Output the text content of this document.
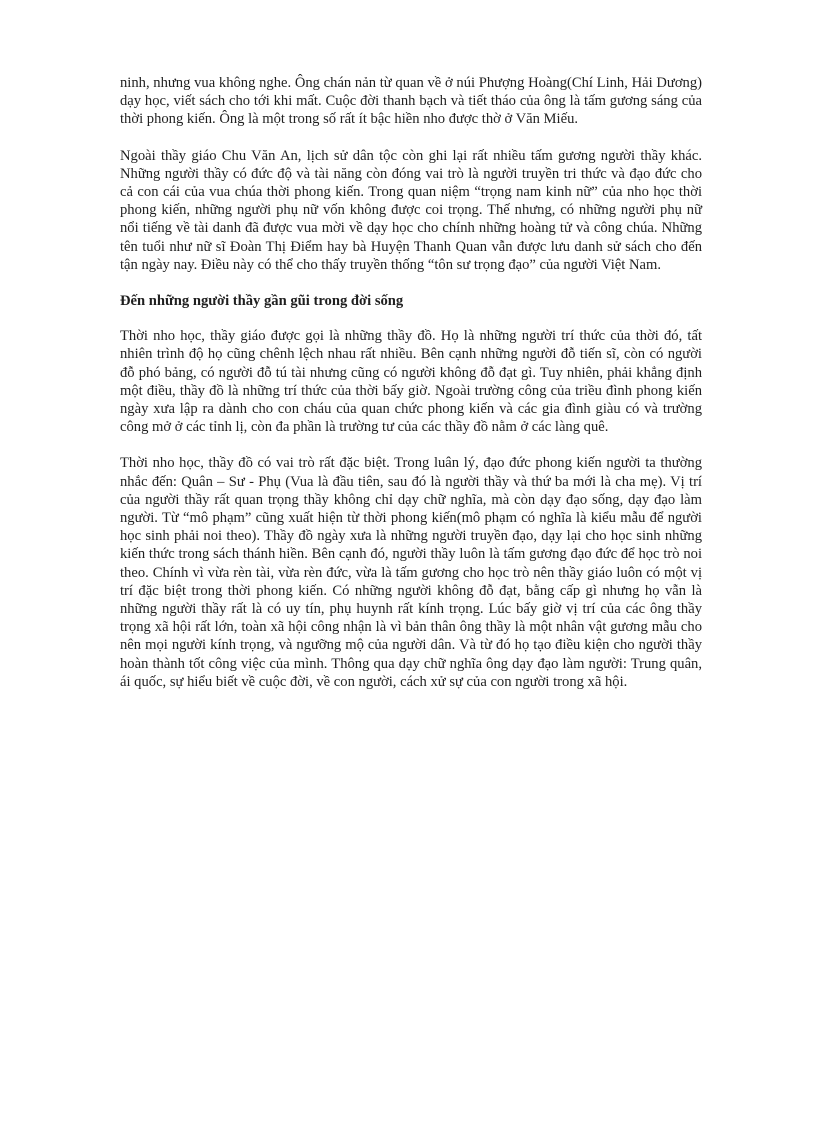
ninh, nhưng vua không nghe. Ông chán nản từ quan về ở núi Phượng Hoàng(Chí Linh, Hải Dương) dạy học, viết sách cho tới khi mất. Cuộc đời thanh bạch và tiết tháo của ông là tấm gương sáng của thời phong kiến. Ông là một trong số rất ít bậc hiền nho được thờ ở Văn Miếu.

Ngoài thầy giáo Chu Văn An, lịch sử dân tộc còn ghi lại rất nhiều tấm gương người thầy khác. Những người thầy có đức độ và tài năng còn đóng vai trò là người truyền tri thức và đạo đức cho cả con cái của vua chúa thời phong kiến. Trong quan niệm “trọng nam kinh nữ” của nho học thời phong kiến, những người phụ nữ vốn không được coi trọng. Thế nhưng, có những người phụ nữ nổi tiếng về tài danh đã được vua mời về dạy học cho chính những hoàng tử và công chúa. Những tên tuổi như nữ sĩ Đoàn Thị Điểm hay bà Huyện Thanh Quan vẫn được lưu danh sử sách cho đến tận ngày nay. Điều này có thể cho thấy truyền thống “tôn sư trọng đạo” của người Việt Nam.

Đến những người thầy gần gũi trong đời sống

Thời nho học, thầy giáo được gọi là những thầy đồ. Họ là những người trí thức của thời đó, tất nhiên trình độ họ cũng chênh lệch nhau rất nhiều. Bên cạnh những người đỗ tiến sĩ, còn có người đỗ phó bảng, có người đỗ tú tài nhưng cũng có người không đỗ đạt gì. Tuy nhiên, phải khẳng định một điều, thầy đồ là những trí thức của thời bấy giờ. Ngoài trường công của triều đình phong kiến ngày xưa lập ra dành cho con cháu của quan chức phong kiến và các gia đình giàu có và trường công mở ở các tỉnh lị, còn đa phần là trường tư của các thầy đồ nằm ở các làng quê.

Thời nho học, thầy đồ có vai trò rất đặc biệt. Trong luân lý, đạo đức phong kiến người ta thường nhắc đến: Quân – Sư - Phụ (Vua là đầu tiên, sau đó là người thầy và thứ ba mới là cha mẹ). Vị trí của người thầy rất quan trọng thầy không chỉ dạy chữ nghĩa, mà còn dạy đạo sống, dạy đạo làm người. Từ “mô phạm” cũng xuất hiện từ thời phong kiến(mô phạm có nghĩa là kiểu mẫu để người học sinh phải noi theo). Thầy đồ ngày xưa là những người truyền đạo, dạy lại cho học sinh những kiến thức trong sách thánh hiền. Bên cạnh đó, người thầy luôn là tấm gương đạo đức để học trò noi theo. Chính vì vừa rèn tài, vừa rèn đức, vừa là tấm gương cho học trò nên thầy giáo luôn có một vị trí đặc biệt trong thời phong kiến. Có những người không đỗ đạt, bằng cấp gì nhưng họ vẫn là những người thầy rất là có uy tín, phụ huynh rất kính trọng. Lúc bấy giờ vị trí của các ông thầy trọng xã hội rất lớn, toàn xã hội công nhận là vì bản thân ông thầy là một nhân vật gương mẫu cho nên mọi người kính trọng, và ngưỡng mộ của người dân. Và từ đó họ tạo điều kiện cho người thầy hoàn thành tốt công việc của mình. Thông qua dạy chữ nghĩa ông dạy đạo làm người: Trung quân, ái quốc, sự hiểu biết về cuộc đời, về con người, cách xử sự của con người trong xã hội.
